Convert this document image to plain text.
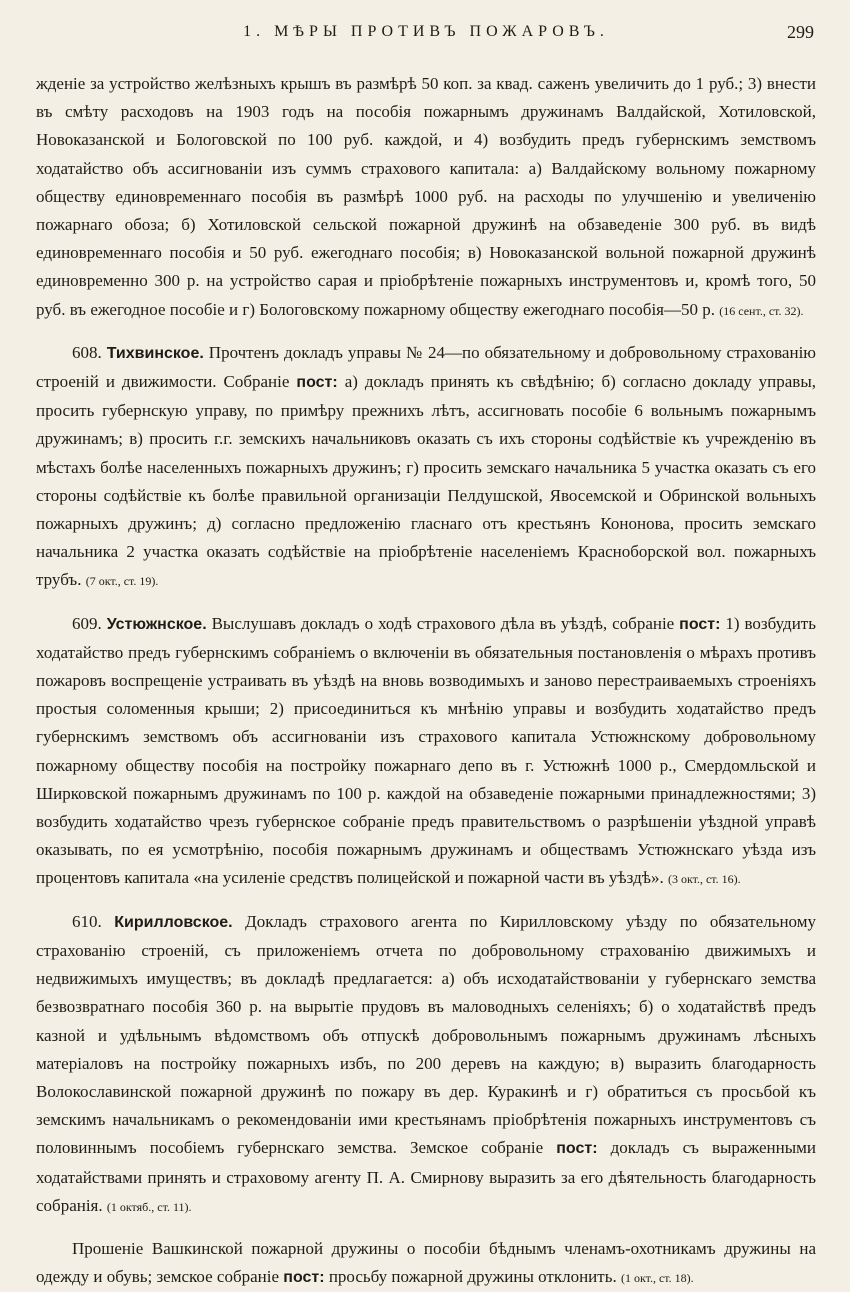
1. МѢРЫ ПРОТИВЪ ПОЖАРОВЪ.	299

жденіе за устройство желѣзныхъ крышъ въ размѣрѣ 50 коп. за квад. саженъ увеличить до 1 руб.; 3) внести въ смѣту расходовъ на 1903 годъ на пособія пожарнымъ дружинамъ Валдайской, Хотиловской, Новоказанской и Бологовской по 100 руб. каждой, и 4) возбудить предъ губернскимъ земствомъ ходатайство объ ассигнованіи изъ суммъ страхового капитала: а) Валдайскому вольному пожарному обществу единовременнаго пособія въ размѣрѣ 1000 руб. на расходы по улучшенію и увеличенію пожарнаго обоза; б) Хотиловской сельской пожарной дружинѣ на обзаведеніе 300 руб. въ видѣ единовременнаго пособія и 50 руб. ежегоднаго пособія; в) Новоказанской вольной пожарной дружинѣ единовременно 300 р. на устройство сарая и пріобрѣтеніе пожарныхъ инструментовъ и, кромѣ того, 50 руб. въ ежегодное пособіе и г) Бологовскому пожарному обществу ежегоднаго пособія—50 р. (16 сент., ст. 32).

608. Тихвинское. Прочтенъ докладъ управы № 24—по обязательному и добровольному страхованію строеній и движимости. Собраніе пост: а) докладъ принять къ свѣдѣнію; б) согласно докладу управы, просить губернскую управу, по примѣру прежнихъ лѣтъ, ассигновать пособіе 6 вольнымъ пожарнымъ дружинамъ; в) просить г.г. земскихъ начальниковъ оказать съ ихъ стороны содѣйствіе къ учрежденію въ мѣстахъ болѣе населенныхъ пожарныхъ дружинъ; г) просить земскаго начальника 5 участка оказать съ его стороны содѣйствіе къ болѣе правильной организаціи Пелдушской, Явосемской и Обринской вольныхъ пожарныхъ дружинъ; д) согласно предложенію гласнаго отъ крестьянъ Кононова, просить земскаго начальника 2 участка оказать содѣйствіе на пріобрѣтеніе населеніемъ Красноборской вол. пожарныхъ трубъ. (7 окт., ст. 19).

609. Устюжнское. Выслушавъ докладъ о ходѣ страхового дѣла въ уѣздѣ, собраніе пост: 1) возбудить ходатайство предъ губернскимъ собраніемъ о включеніи въ обязательныя постановленія о мѣрахъ противъ пожаровъ воспрещеніе устраивать въ уѣздѣ на вновь возводимыхъ и заново перестраиваемыхъ строеніяхъ простыя соломенныя крыши; 2) присоединиться къ мнѣнію управы и возбудить ходатайство предъ губернскимъ земствомъ объ ассигнованіи изъ страхового капитала Устюжнскому добровольному пожарному обществу пособія на постройку пожарнаго депо въ г. Устюжнѣ 1000 р., Смердомльской и Ширковской пожарнымъ дружинамъ по 100 р. каждой на обзаведеніе пожарными принадлежностями; 3) возбудить ходатайство чрезъ губернское собраніе предъ правительствомъ о разрѣшеніи уѣздной управѣ оказывать, по ея усмотрѣнію, пособія пожарнымъ дружинамъ и обществамъ Устюжнскаго уѣзда изъ процентовъ капитала «на усиленіе средствъ полицейской и пожарной части въ уѣздѣ». (3 окт., ст. 16).

610. Кирилловское. Докладъ страхового агента по Кирилловскому уѣзду по обязательному страхованію строеній, съ приложеніемъ отчета по добровольному страхованію движимыхъ и недвижимыхъ имуществъ; въ докладѣ предлагается: а) объ исходатайствованіи у губернскаго земства безвозвратнаго пособія 360 р. на вырытіе прудовъ въ маловодныхъ селеніяхъ; б) о ходатайствѣ предъ казной и удѣльнымъ вѣдомствомъ объ отпускѣ добровольнымъ пожарнымъ дружинамъ лѣсныхъ матеріаловъ на постройку пожарныхъ избъ, по 200 деревъ на каждую; в) выразить благодарность Волокославинской пожарной дружинѣ по пожару въ дер. Куракинѣ и г) обратиться съ просьбой къ земскимъ начальникамъ о рекомендованіи ими крестьянамъ пріобрѣтенія пожарныхъ инструментовъ съ половиннымъ пособіемъ губернскаго земства. Земское собраніе пост: докладъ съ выраженными ходатайствами принять и страховому агенту П. А. Смирнову выразить за его дѣятельность благодарность собранія. (1 октяб., ст. 11).

Прошеніе Вашкинской пожарной дружины о пособіи бѣднымъ членамъ-охотникамъ дружины на одежду и обувь; земское собраніе пост: просьбу пожарной дружины отклонить. (1 окт., ст. 18).
